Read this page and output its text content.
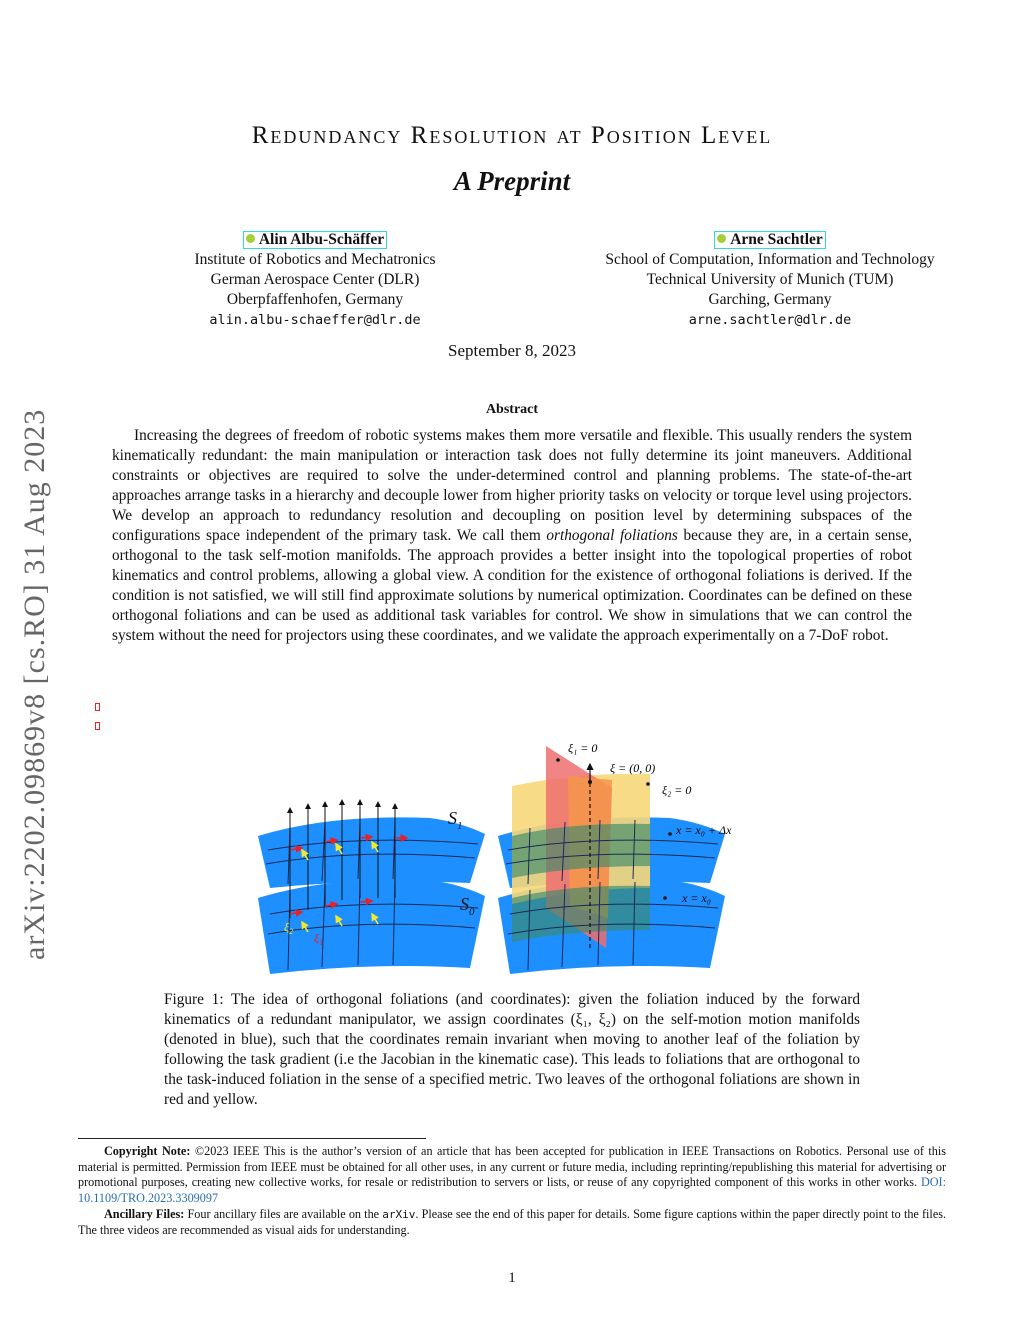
arXiv:2202.09869v8 [cs.RO] 31 Aug 2023
Redundancy Resolution at Position Level
A Preprint
Alin Albu-Schäffer
Institute of Robotics and Mechatronics
German Aerospace Center (DLR)
Oberpfaffenhofen, Germany
alin.albu-schaeffer@dlr.de
Arne Sachtler
School of Computation, Information and Technology
Technical University of Munich (TUM)
Garching, Germany
arne.sachtler@dlr.de
September 8, 2023
Abstract

Increasing the degrees of freedom of robotic systems makes them more versatile and flexible. This usually renders the system kinematically redundant: the main manipulation or interaction task does not fully determine its joint maneuvers. Additional constraints or objectives are required to solve the under-determined control and planning problems. The state-of-the-art approaches arrange tasks in a hierarchy and decouple lower from higher priority tasks on velocity or torque level using projectors. We develop an approach to redundancy resolution and decoupling on position level by determining subspaces of the configurations space independent of the primary task. We call them orthogonal foliations because they are, in a certain sense, orthogonal to the task self-motion manifolds. The approach provides a better insight into the topological properties of robot kinematics and control problems, allowing a global view. A condition for the existence of orthogonal foliations is derived. If the condition is not satisfied, we will still find approximate solutions by numerical optimization. Coordinates can be defined on these orthogonal foliations and can be used as additional task variables for control. We show in simulations that we can control the system without the need for projectors using these coordinates, and we validate the approach experimentally on a 7-DoF robot.

$\xi_2$ $\xi_1$
$S_1$
$S_0$
ξ₁ = 0
ξ = (0, 0)
ξ₂ = 0
x = x₀ + Δx
x = x₀

Figure 1: The idea of orthogonal foliations (and coordinates): given the foliation induced by the forward kinematics of a redundant manipulator, we assign coordinates (ξ₁, ξ₂) on the self-motion motion manifolds (denoted in blue), such that the coordinates remain invariant when moving to another leaf of the foliation by following the task gradient (i.e the Jacobian in the kinematic case). This leads to foliations that are orthogonal to the task-induced foliation in the sense of a specified metric. Two leaves of the orthogonal foliations are shown in red and yellow.

Copyright Note: ©2023 IEEE This is the author’s version of an article that has been accepted for publication in IEEE Transactions on Robotics. Personal use of this material is permitted. Permission from IEEE must be obtained for all other uses, in any current or future media, including reprinting/republishing this material for advertising or promotional purposes, creating new collective works, for resale or redistribution to servers or lists, or reuse of any copyrighted component of this works in other works. DOI: 10.1109/TRO.2023.3309097

Ancillary Files: Four ancillary files are available on the arXiv. Please see the end of this paper for details. Some figure captions within the paper directly point to the files. The three videos are recommended as visual aids for understanding.

1
